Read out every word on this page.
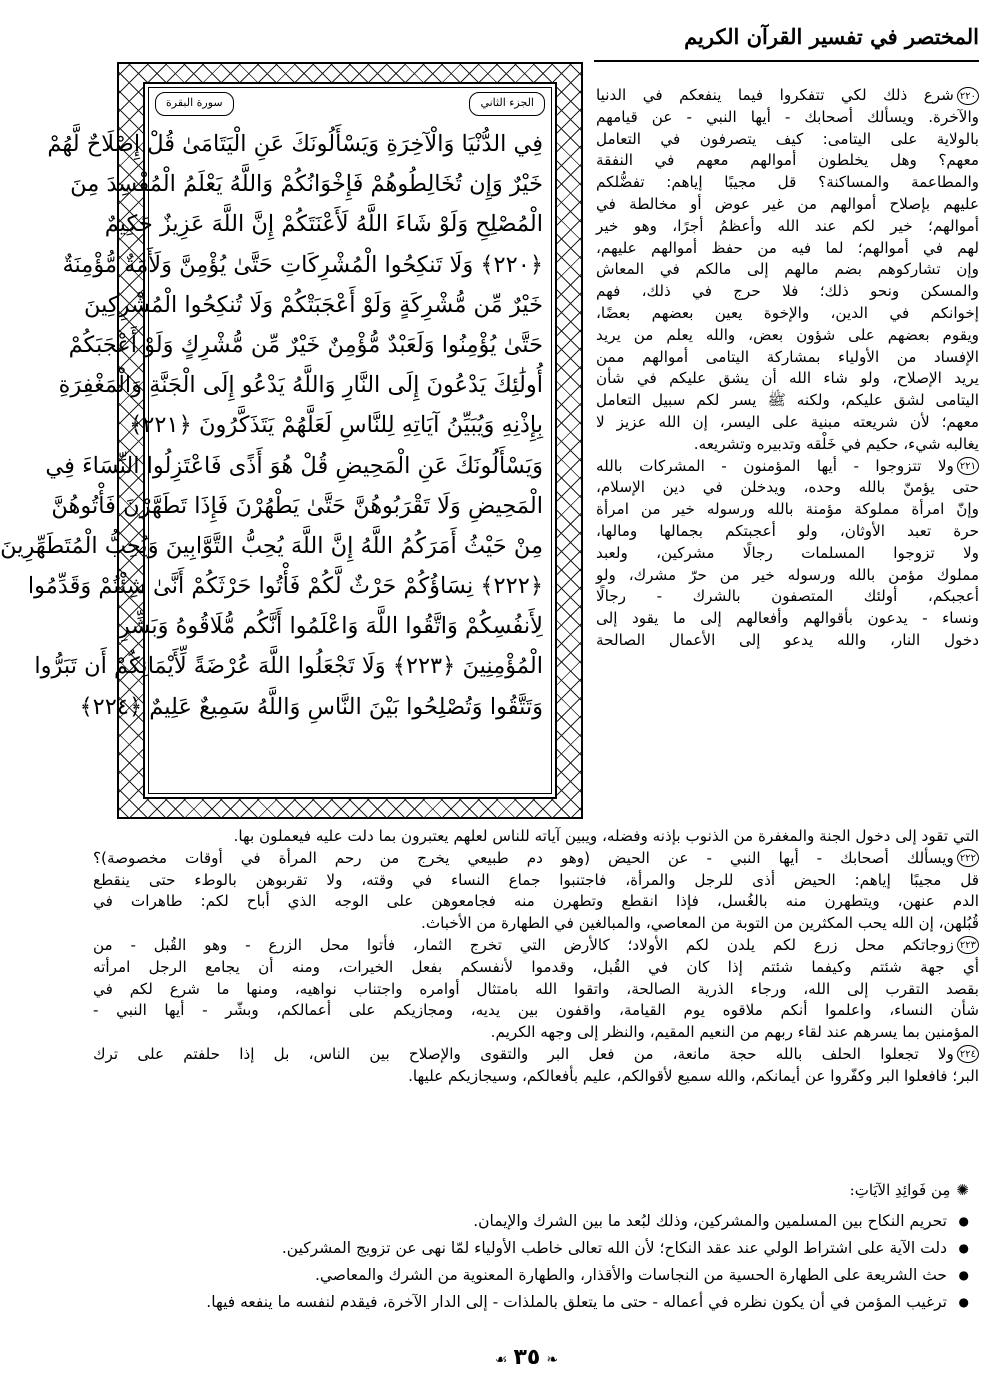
المختصر في تفسير القرآن الكريم
الجزء الثاني
سورة البقرة
فِي الدُّنْيَا وَالْآخِرَةِ وَيَسْأَلُونَكَ عَنِ الْيَتَامَىٰ قُلْ إِصْلَاحٌ لَّهُمْ
خَيْرٌ وَإِن تُخَالِطُوهُمْ فَإِخْوَانُكُمْ وَاللَّهُ يَعْلَمُ الْمُفْسِدَ مِنَ
الْمُصْلِحِ وَلَوْ شَاءَ اللَّهُ لَأَعْنَتَكُمْ إِنَّ اللَّهَ عَزِيزٌ حَكِيمٌ
﴿٢٢٠﴾ وَلَا تَنكِحُوا الْمُشْرِكَاتِ حَتَّىٰ يُؤْمِنَّ وَلَأَمَةٌ مُّؤْمِنَةٌ
خَيْرٌ مِّن مُّشْرِكَةٍ وَلَوْ أَعْجَبَتْكُمْ وَلَا تُنكِحُوا الْمُشْرِكِينَ
حَتَّىٰ يُؤْمِنُوا وَلَعَبْدٌ مُّؤْمِنٌ خَيْرٌ مِّن مُّشْرِكٍ وَلَوْ أَعْجَبَكُمْ
أُولَٰئِكَ يَدْعُونَ إِلَى النَّارِ وَاللَّهُ يَدْعُو إِلَى الْجَنَّةِ وَالْمَغْفِرَةِ
بِإِذْنِهِ وَيُبَيِّنُ آيَاتِهِ لِلنَّاسِ لَعَلَّهُمْ يَتَذَكَّرُونَ ﴿٢٢١﴾
وَيَسْأَلُونَكَ عَنِ الْمَحِيضِ قُلْ هُوَ أَذًى فَاعْتَزِلُوا النِّسَاءَ فِي
الْمَحِيضِ وَلَا تَقْرَبُوهُنَّ حَتَّىٰ يَطْهُرْنَ فَإِذَا تَطَهَّرْنَ فَأْتُوهُنَّ
مِنْ حَيْثُ أَمَرَكُمُ اللَّهُ إِنَّ اللَّهَ يُحِبُّ التَّوَّابِينَ وَيُحِبُّ الْمُتَطَهِّرِينَ
﴿٢٢٢﴾ نِسَاؤُكُمْ حَرْثٌ لَّكُمْ فَأْتُوا حَرْثَكُمْ أَنَّىٰ شِئْتُمْ وَقَدِّمُوا
لِأَنفُسِكُمْ وَاتَّقُوا اللَّهَ وَاعْلَمُوا أَنَّكُم مُّلَاقُوهُ وَبَشِّرِ
الْمُؤْمِنِينَ ﴿٢٢٣﴾ وَلَا تَجْعَلُوا اللَّهَ عُرْضَةً لِّأَيْمَانِكُمْ أَن تَبَرُّوا
وَتَتَّقُوا وَتُصْلِحُوا بَيْنَ النَّاسِ وَاللَّهُ سَمِيعٌ عَلِيمٌ ﴿٢٢٤﴾
٢٢٠شرع ذلك لكي تتفكروا فيما ينفعكم في الدنيا
والآخرة. ويسألك أصحابك - أيها النبي - عن قيامهم
بالولاية على اليتامى: كيف يتصرفون في التعامل
معهم؟ وهل يخلطون أموالهم معهم في النفقة
والمطاعمة والمساكنة؟ قل مجيبًا إياهم: تفضُّلكم
عليهم بإصلاح أموالهم من غير عوض أو مخالطة في
أموالهم؛ خير لكم عند الله وأعظمُ أجرًا، وهو خير
لهم في أموالهم؛ لما فيه من حفظ أموالهم عليهم،
وإن تشاركوهم بضم مالهم إلى مالكم في المعاش
والمسكن ونحو ذلك؛ فلا حرج في ذلك، فهم
إخوانكم في الدين، والإخوة يعين بعضهم بعضًا،
ويقوم بعضهم على شؤون بعض، والله يعلم من يريد
الإفساد من الأولياء بمشاركة اليتامى أموالهم ممن
يريد الإصلاح، ولو شاء الله أن يشق عليكم في شأن
اليتامى لشق عليكم، ولكنه ﷺ يسر لكم سبيل التعامل
معهم؛ لأن شريعته مبنية على اليسر، إن الله عزيز لا
يغالبه شيء، حكيم في خَلْقه وتدبيره وتشريعه.
٢٢١ولا تتزوجوا - أيها المؤمنون - المشركات بالله
حتى يؤمنّ بالله وحده، ويدخلن في دين الإسلام،
وإنّ امرأة مملوكة مؤمنة بالله ورسوله خير من امرأة
حرة تعبد الأوثان، ولو أعجبتكم بجمالها ومالها،
ولا تزوجوا المسلمات رجالًا مشركين، ولعبد
مملوك مؤمن بالله ورسوله خير من حرّ مشرك، ولو
أعجبكم، أولئك المتصفون بالشرك - رجالًا
ونساء - يدعون بأقوالهم وأفعالهم إلى ما يقود إلى
دخول النار، والله يدعو إلى الأعمال الصالحة
التي تقود إلى دخول الجنة والمغفرة من الذنوب بإذنه وفضله، ويبين آياته للناس لعلهم يعتبرون بما دلت عليه فيعملون بها.
٢٢٢ويسألك أصحابك - أيها النبي - عن الحيض (وهو دم طبيعي يخرج من رحم المرأة في أوقات مخصوصة)؟
قل مجيبًا إياهم: الحيض أذى للرجل والمرأة، فاجتنبوا جماع النساء في وقته، ولا تقربوهن بالوطء حتى ينقطع
الدم عنهن، ويتطهرن منه بالغُسل، فإذا انقطع وتطهرن منه فجامعوهن على الوجه الذي أباح لكم: طاهرات في
قُبُلهن، إن الله يحب المكثرين من التوبة من المعاصي، والمبالغين في الطهارة من الأخباث.
٢٢٣زوجاتكم محل زرع لكم يلدن لكم الأولاد؛ كالأرض التي تخرج الثمار، فأتوا محل الزرع - وهو القُبل - من
أي جهة شئتم وكيفما شئتم إذا كان في القُبل، وقدموا لأنفسكم بفعل الخيرات، ومنه أن يجامع الرجل امرأته
بقصد التقرب إلى الله، ورجاء الذرية الصالحة، واتقوا الله بامتثال أوامره واجتناب نواهيه، ومنها ما شرع لكم في
شأن النساء، واعلموا أنكم ملاقوه يوم القيامة، واقفون بين يديه، ومجازيكم على أعمالكم، وبشّر - أيها النبي -
المؤمنين بما يسرهم عند لقاء ربهم من النعيم المقيم، والنظر إلى وجهه الكريم.
٢٢٤ولا تجعلوا الحلف بالله حجة مانعة، من فعل البر والتقوى والإصلاح بين الناس، بل إذا حلفتم على ترك
البر؛ فافعلوا البر وكفّروا عن أيمانكم، والله سميع لأقوالكم، عليم بأفعالكم، وسيجازيكم عليها.
✺مِن فَوائِدِ الآيَاتِ:
● تحريم النكاح بين المسلمين والمشركين، وذلك لبُعد ما بين الشرك والإيمان.
● دلت الآية على اشتراط الولي عند عقد النكاح؛ لأن الله تعالى خاطب الأولياء لمّا نهى عن تزويج المشركين.
● حث الشريعة على الطهارة الحسية من النجاسات والأقذار، والطهارة المعنوية من الشرك والمعاصي.
● ترغيب المؤمن في أن يكون نظره في أعماله - حتى ما يتعلق بالملذات - إلى الدار الآخرة، فيقدم لنفسه ما ينفعه فيها.
❧٣٥☙
